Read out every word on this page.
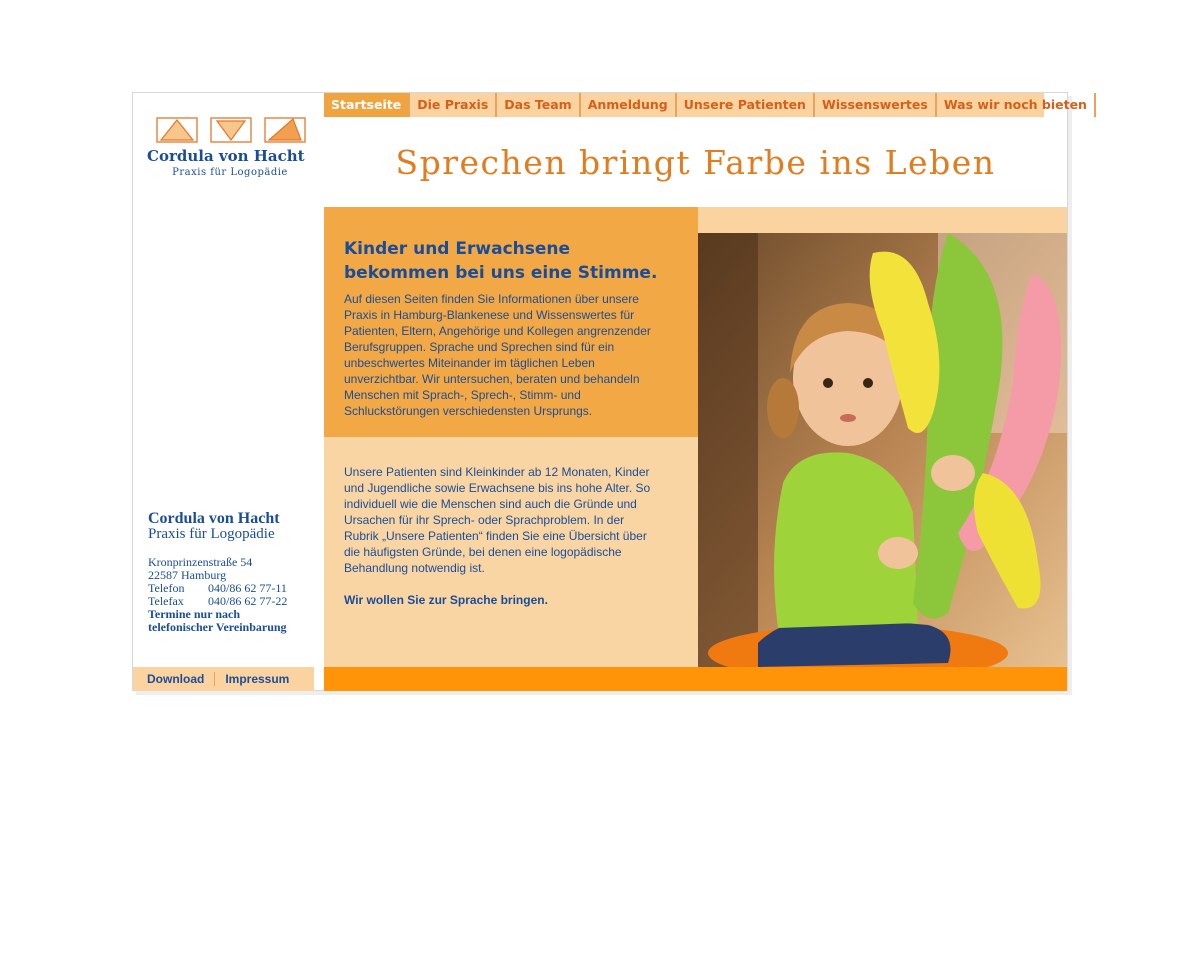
Cordula von Hacht
Praxis für Logopädie
Startseite	Die Praxis	Das Team	Anmeldung	Unsere Patienten	Wissenswertes	Was wir noch bieten
Sprechen bringt Farbe ins Leben
Kinder und Erwachsene
bekommen bei uns eine Stimme.
Auf diesen Seiten finden Sie Informationen über unsere Praxis in Hamburg-Blankenese und Wissenswertes für Patienten, Eltern, Angehörige und Kollegen angrenzender Berufsgruppen. Sprache und Sprechen sind für ein unbeschwertes Miteinander im täglichen Leben unverzichtbar. Wir untersuchen, beraten und behandeln Menschen mit Sprach-, Sprech-, Stimm- und Schluckstörungen verschiedensten Ursprungs.
Unsere Patienten sind Kleinkinder ab 12 Monaten, Kinder und Jugendliche sowie Erwachsene bis ins hohe Alter. So individuell wie die Menschen sind auch die Gründe und Ursachen für ihr Sprech- oder Sprachproblem. In der Rubrik „Unsere Patienten“ finden Sie eine Übersicht über die häufigsten Gründe, bei denen eine logopädische Behandlung notwendig ist.
Wir wollen Sie zur Sprache bringen.
Cordula von Hacht
Praxis für Logopädie
Kronprinzenstraße 54
22587 Hamburg
Telefon 040/86 62 77-11
Telefax 040/86 62 77-22
Termine nur nach
telefonischer Vereinbarung
Download	Impressum
